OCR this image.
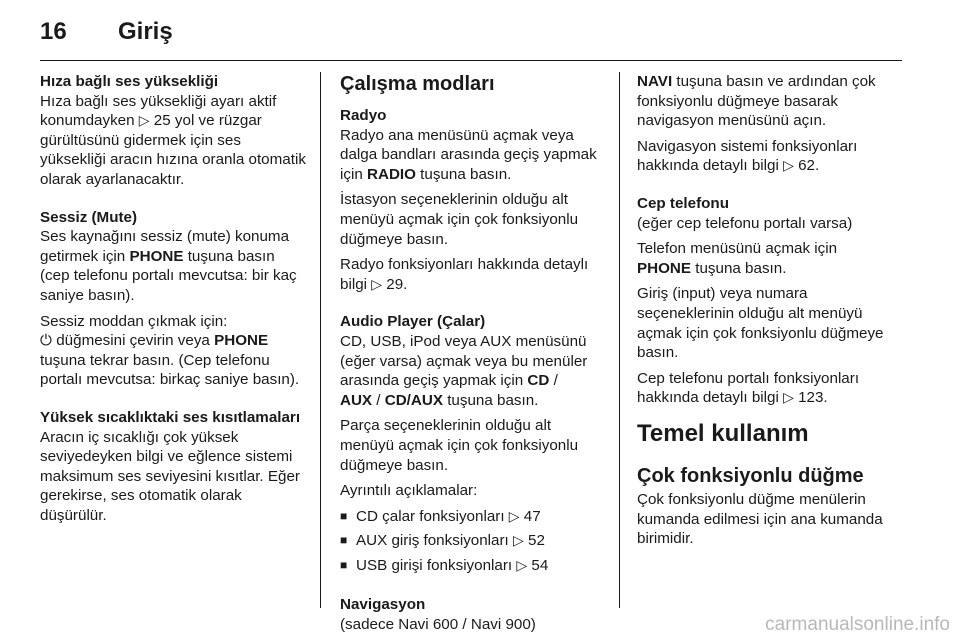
16 Giriş
Hıza bağlı ses yüksekliği
Hıza bağlı ses yüksekliği ayarı aktif konumdayken ▷ 25 yol ve rüzgar gürültüsünü gidermek için ses yüksekliği aracın hızına oranla otomatik olarak ayarlanacaktır.
Sessiz (Mute)
Ses kaynağını sessiz (mute) konuma getirmek için PHONE tuşuna basın (cep telefonu portalı mevcutsa: bir kaç saniye basın).
Sessiz moddan çıkmak için:
⏻ düğmesini çevirin veya PHONE tuşuna tekrar basın. (Cep telefonu portalı mevcutsa: birkaç saniye basın).
Yüksek sıcaklıktaki ses kısıtlamaları
Aracın iç sıcaklığı çok yüksek seviyedeyken bilgi ve eğlence sistemi maksimum ses seviyesini kısıtlar. Eğer gerekirse, ses otomatik olarak düşürülür.
Çalışma modları
Radyo
Radyo ana menüsünü açmak veya dalga bandları arasında geçiş yapmak için RADIO tuşuna basın.
İstasyon seçeneklerinin olduğu alt menüyü açmak için çok fonksiyonlu düğmeye basın.
Radyo fonksiyonları hakkında detaylı bilgi ▷ 29.
Audio Player (Çalar)
CD, USB, iPod veya AUX menüsünü (eğer varsa) açmak veya bu menüler arasında geçiş yapmak için CD /
AUX / CD/AUX tuşuna basın.
Parça seçeneklerinin olduğu alt menüyü açmak için çok fonksiyonlu düğmeye basın.
Ayrıntılı açıklamalar:
■ CD çalar fonksiyonları ▷ 47
■ AUX giriş fonksiyonları ▷ 52
■ USB girişi fonksiyonları ▷ 54
Navigasyon
(sadece Navi 600 / Navi 900)
NAVI tuşuna basın ve ardından çok fonksiyonlu düğmeye basarak navigasyon menüsünü açın.
Navigasyon sistemi fonksiyonları hakkında detaylı bilgi ▷ 62.
Cep telefonu
(eğer cep telefonu portalı varsa)
Telefon menüsünü açmak için
PHONE tuşuna basın.
Giriş (input) veya numara seçeneklerinin olduğu alt menüyü açmak için çok fonksiyonlu düğmeye basın.
Cep telefonu portalı fonksiyonları hakkında detaylı bilgi ▷ 123.
Temel kullanım
Çok fonksiyonlu düğme
Çok fonksiyonlu düğme menülerin kumanda edilmesi için ana kumanda birimidir.
carmanualsonline.info
